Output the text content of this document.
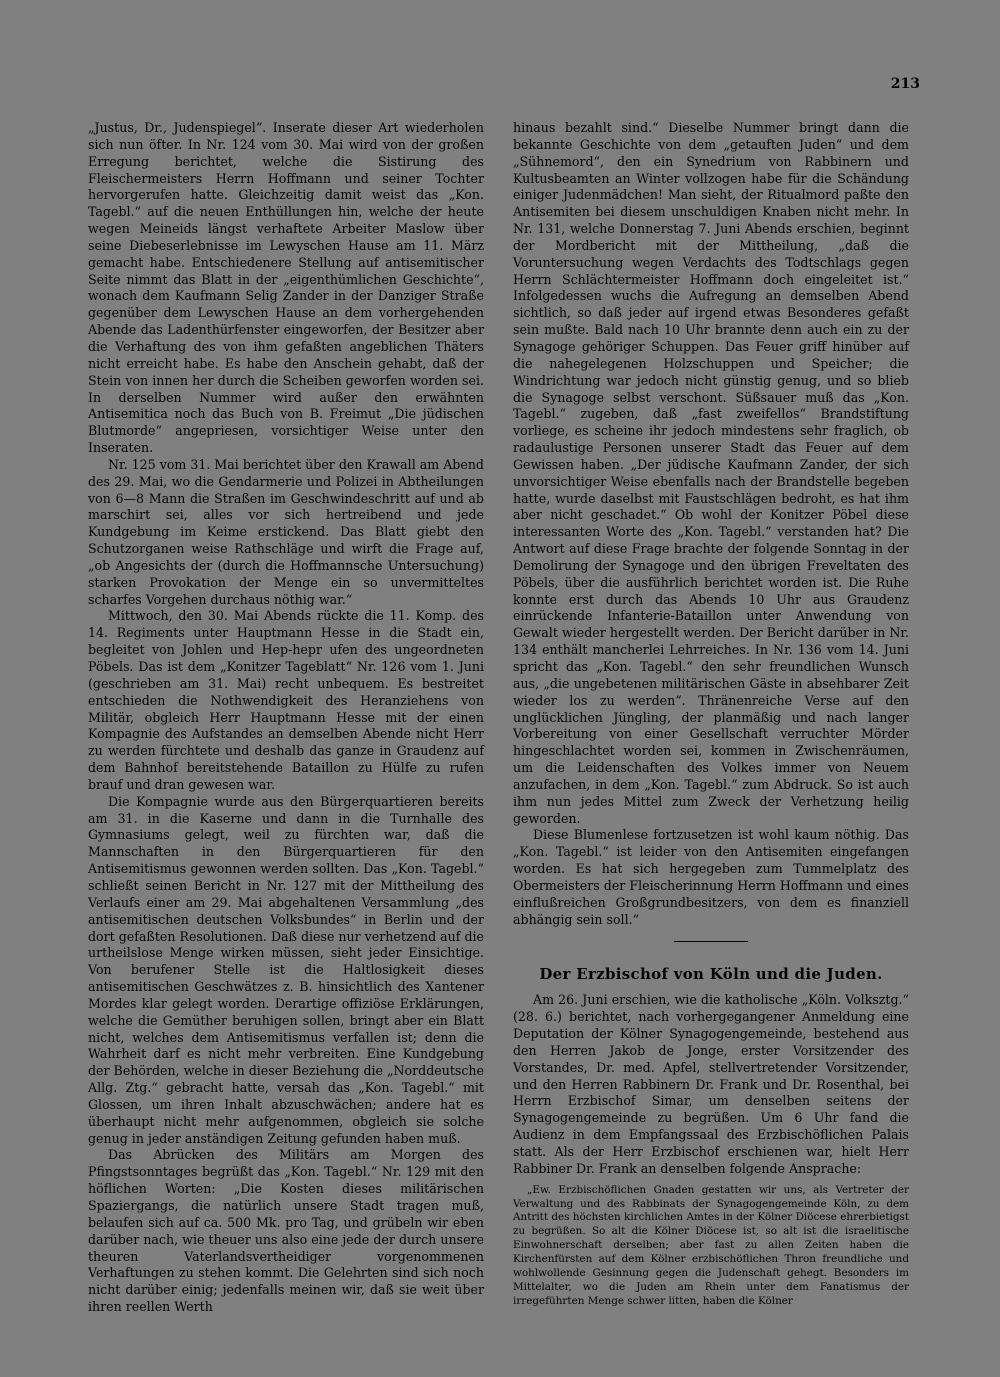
213

„Justus, Dr., Judenspiegel“. Inserate dieser Art wiederholen sich nun öfter. In Nr. 124 vom 30. Mai wird von der großen Erregung berichtet, welche die Sistirung des Fleischermeisters Herrn Hoffmann und seiner Tochter hervorgerufen hatte. Gleichzeitig damit weist das „Kon. Tagebl.“ auf die neuen Enthüllungen hin, welche der heute wegen Meineids längst verhaftete Arbeiter Maslow über seine Diebeserlebnisse im Lewyschen Hause am 11. März gemacht habe. Entschiedenere Stellung auf antisemitischer Seite nimmt das Blatt in der „eigenthümlichen Geschichte“, wonach dem Kaufmann Selig Zander in der Danziger Straße gegenüber dem Lewyschen Hause an dem vorhergehenden Abende das Ladenthürfenster eingeworfen, der Besitzer aber die Verhaftung des von ihm gefaßten angeblichen Thäters nicht erreicht habe. Es habe den Anschein gehabt, daß der Stein von innen her durch die Scheiben geworfen worden sei. In derselben Nummer wird außer den erwähnten Antisemitica noch das Buch von B. Freimut „Die jüdischen Blutmorde“ angepriesen, vorsichtiger Weise unter den Inseraten.

Nr. 125 vom 31. Mai berichtet über den Krawall am Abend des 29. Mai, wo die Gendarmerie und Polizei in Abtheilungen von 6—8 Mann die Straßen im Geschwindeschritt auf und ab marschirt sei, alles vor sich hertreibend und jede Kundgebung im Keime erstickend. Das Blatt giebt den Schutzorganen weise Rathschläge und wirft die Frage auf, „ob Angesichts der (durch die Hoffmannsche Untersuchung) starken Provokation der Menge ein so unvermitteltes scharfes Vorgehen durchaus nöthig war.“

Mittwoch, den 30. Mai Abends rückte die 11. Komp. des 14. Regiments unter Hauptmann Hesse in die Stadt ein, begleitet von Johlen und Hep-hepr ufen des ungeordneten Pöbels. Das ist dem „Konitzer Tageblatt“ Nr. 126 vom 1. Juni (geschrieben am 31. Mai) recht unbequem. Es bestreitet entschieden die Nothwendigkeit des Heranziehens von Militär, obgleich Herr Hauptmann Hesse mit der einen Kompagnie des Aufstandes an demselben Abende nicht Herr zu werden fürchtete und deshalb das ganze in Graudenz auf dem Bahnhof bereitstehende Bataillon zu Hülfe zu rufen brauf und dran gewesen war.

Die Kompagnie wurde aus den Bürgerquartieren bereits am 31. in die Kaserne und dann in die Turnhalle des Gymnasiums gelegt, weil zu fürchten war, daß die Mannschaften in den Bürgerquartieren für den Antisemitismus gewonnen werden sollten. Das „Kon. Tagebl.“ schließt seinen Bericht in Nr. 127 mit der Mittheilung des Verlaufs einer am 29. Mai abgehaltenen Versammlung „des antisemitischen deutschen Volksbundes“ in Berlin und der dort gefaßten Resolutionen. Daß diese nur verhetzend auf die urtheilslose Menge wirken müssen, sieht jeder Einsichtige. Von berufener Stelle ist die Haltlosigkeit dieses antisemitischen Geschwätzes z. B. hinsichtlich des Xantener Mordes klar gelegt worden. Derartige offiziöse Erklärungen, welche die Gemüther beruhigen sollen, bringt aber ein Blatt nicht, welches dem Antisemitismus verfallen ist; denn die Wahrheit darf es nicht mehr verbreiten. Eine Kundgebung der Behörden, welche in dieser Beziehung die „Norddeutsche Allg. Ztg.“ gebracht hatte, versah das „Kon. Tagebl.“ mit Glossen, um ihren Inhalt abzuschwächen; andere hat es überhaupt nicht mehr aufgenommen, obgleich sie solche genug in jeder anständigen Zeitung gefunden haben muß.

Das Abrücken des Militärs am Morgen des Pfingstsonntages begrüßt das „Kon. Tagebl.“ Nr. 129 mit den höflichen Worten: „Die Kosten dieses militärischen Spaziergangs, die natürlich unsere Stadt tragen muß, belaufen sich auf ca. 500 Mk. pro Tag, und grübeln wir eben darüber nach, wie theuer uns also eine jede der durch unsere theuren Vaterlandsvertheidiger vorgenommenen Verhaftungen zu stehen kommt. Die Gelehrten sind sich noch nicht darüber einig; jedenfalls meinen wir, daß sie weit über ihren reellen Werth

hinaus bezahlt sind.“ Dieselbe Nummer bringt dann die bekannte Geschichte von dem „getauften Juden“ und dem „Sühnemord“, den ein Synedrium von Rabbinern und Kultusbeamten an Winter vollzogen habe für die Schändung einiger Judenmädchen! Man sieht, der Ritualmord paßte den Antisemiten bei diesem unschuldigen Knaben nicht mehr. In Nr. 131, welche Donnerstag 7. Juni Abends erschien, beginnt der Mordbericht mit der Mittheilung, „daß die Voruntersuchung wegen Verdachts des Todtschlags gegen Herrn Schlächtermeister Hoffmann doch eingeleitet ist.“ Infolgedessen wuchs die Aufregung an demselben Abend sichtlich, so daß jeder auf irgend etwas Besonderes gefaßt sein mußte. Bald nach 10 Uhr brannte denn auch ein zu der Synagoge gehöriger Schuppen. Das Feuer griff hinüber auf die nahegelegenen Holzschuppen und Speicher; die Windrichtung war jedoch nicht günstig genug, und so blieb die Synagoge selbst verschont. Süßsauer muß das „Kon. Tagebl.“ zugeben, daß „fast zweifellos“ Brandstiftung vorliege, es scheine ihr jedoch mindestens sehr fraglich, ob radaulustige Personen unserer Stadt das Feuer auf dem Gewissen haben. „Der jüdische Kaufmann Zander, der sich unvorsichtiger Weise ebenfalls nach der Brandstelle begeben hatte, wurde daselbst mit Faustschlägen bedroht, es hat ihm aber nicht geschadet.“ Ob wohl der Konitzer Pöbel diese interessanten Worte des „Kon. Tagebl.“ verstanden hat? Die Antwort auf diese Frage brachte der folgende Sonntag in der Demolirung der Synagoge und den übrigen Freveltaten des Pöbels, über die ausführlich berichtet worden ist. Die Ruhe konnte erst durch das Abends 10 Uhr aus Graudenz einrückende Infanterie-Bataillon unter Anwendung von Gewalt wieder hergestellt werden. Der Bericht darüber in Nr. 134 enthält mancherlei Lehrreiches. In Nr. 136 vom 14. Juni spricht das „Kon. Tagebl.“ den sehr freundlichen Wunsch aus, „die ungebetenen militärischen Gäste in absehbarer Zeit wieder los zu werden“. Thränenreiche Verse auf den unglücklichen Jüngling, der planmäßig und nach langer Vorbereitung von einer Gesellschaft verruchter Mörder hingeschlachtet worden sei, kommen in Zwischenräumen, um die Leidenschaften des Volkes immer von Neuem anzufachen, in dem „Kon. Tagebl.“ zum Abdruck. So ist auch ihm nun jedes Mittel zum Zweck der Verhetzung heilig geworden.

Diese Blumenlese fortzusetzen ist wohl kaum nöthig. Das „Kon. Tagebl.“ ist leider von den Antisemiten eingefangen worden. Es hat sich hergegeben zum Tummelplatz des Obermeisters der Fleischerinnung Herrn Hoffmann und eines einflußreichen Großgrundbesitzers, von dem es finanziell abhängig sein soll.“

Der Erzbischof von Köln und die Juden.

Am 26. Juni erschien, wie die katholische „Köln. Volksztg.“ (28. 6.) berichtet, nach vorhergegangener Anmeldung eine Deputation der Kölner Synagogengemeinde, bestehend aus den Herren Jakob de Jonge, erster Vorsitzender des Vorstandes, Dr. med. Apfel, stellvertretender Vorsitzender, und den Herren Rabbinern Dr. Frank und Dr. Rosenthal, bei Herrn Erzbischof Simar, um denselben seitens der Synagogengemeinde zu begrüßen. Um 6 Uhr fand die Audienz in dem Empfangssaal des Erzbischöflichen Palais statt. Als der Herr Erzbischof erschienen war, hielt Herr Rabbiner Dr. Frank an denselben folgende Ansprache:

„Ew. Erzbischöflichen Gnaden gestatten wir uns, als Vertreter der Verwaltung und des Rabbinats der Synagogengemeinde Köln, zu dem Antritt des höchsten kirchlichen Amtes in der Kölner Diöcese ehrerbietigst zu begrüßen. So alt die Kölner Diöcese ist, so alt ist die israelitische Einwohnerschaft derselben; aber fast zu allen Zeiten haben die Kirchenfürsten auf dem Kölner erzbischöflichen Thron freundliche und wohlwollende Gesinnung gegen die Judenschaft gehegt. Besonders im Mittelalter, wo die Juden am Rhein unter dem Fanatismus der irregeführten Menge schwer litten, haben die Kölner
